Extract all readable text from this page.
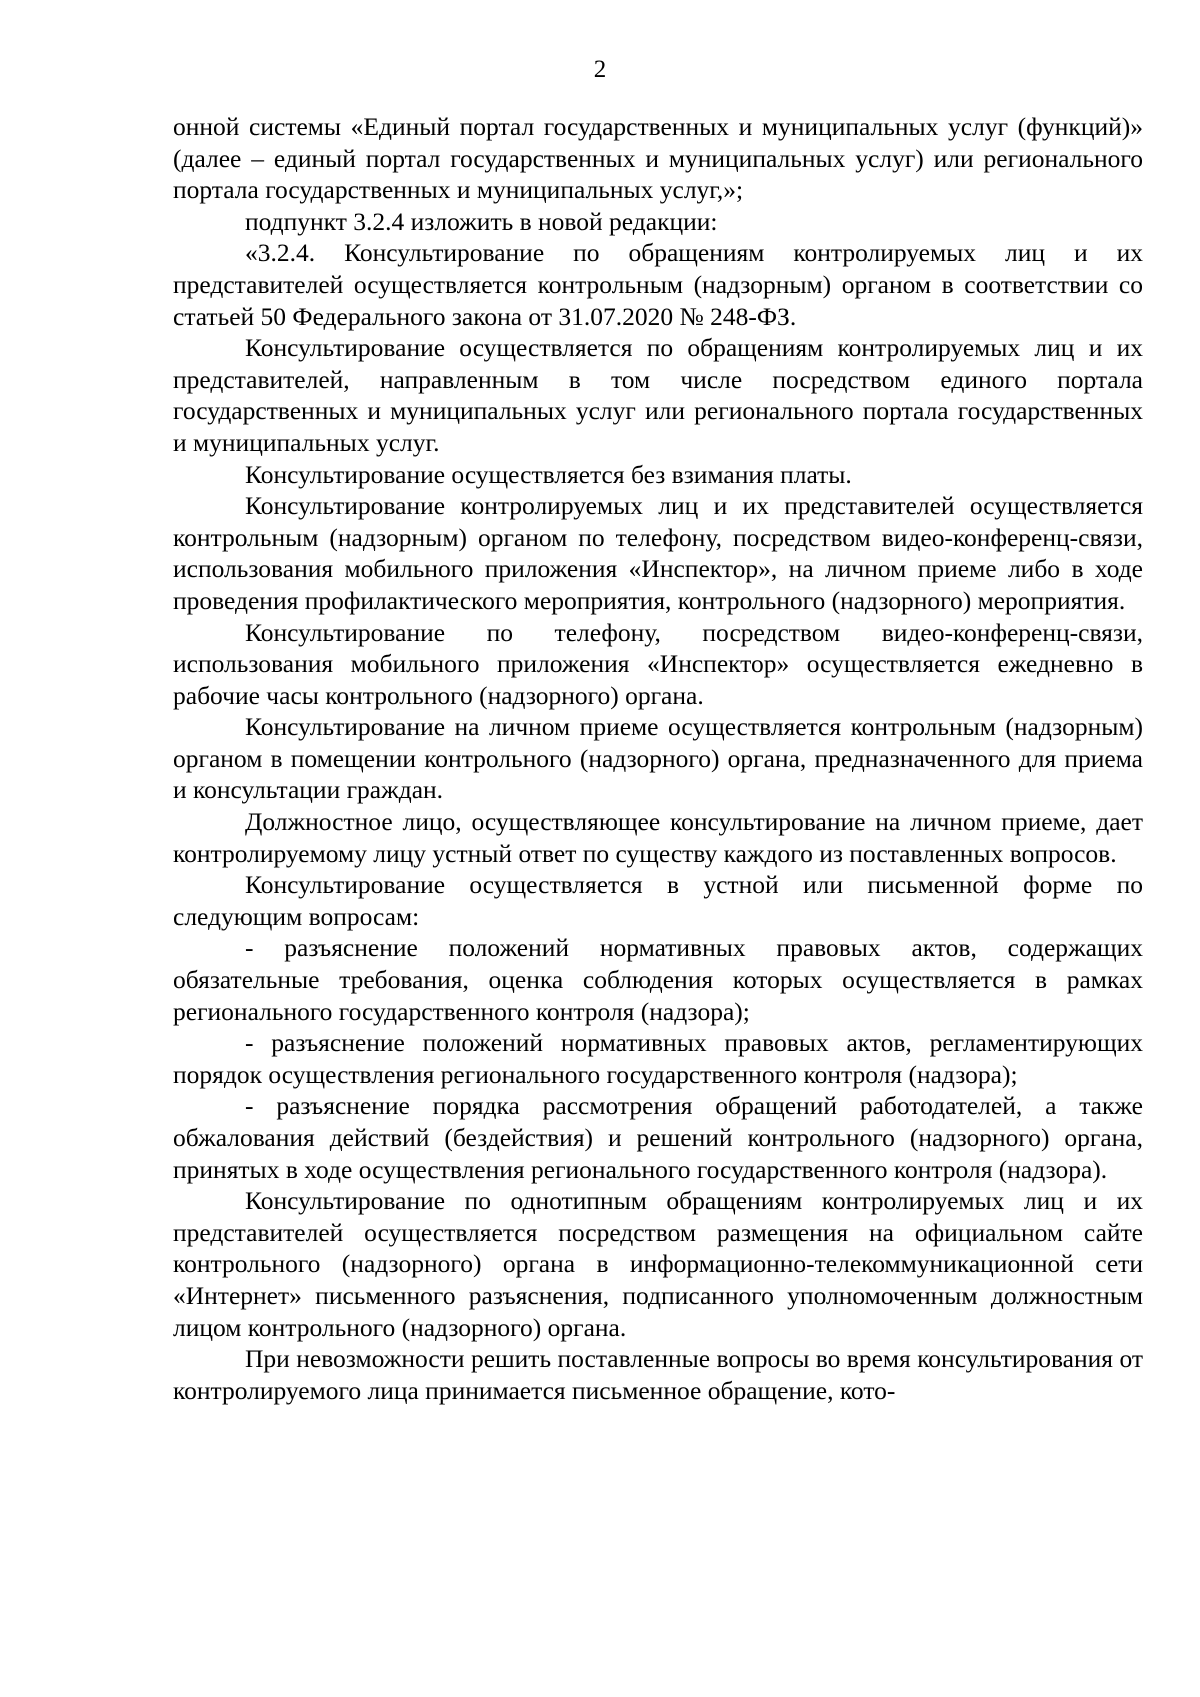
2

онной системы «Единый портал государственных и муниципальных услуг (функций)» (далее – единый портал государственных и муниципальных услуг) или регионального портала государственных и муниципальных услуг,»;

подпункт 3.2.4 изложить в новой редакции:

«3.2.4. Консультирование по обращениям контролируемых лиц и их представителей осуществляется контрольным (надзорным) органом в соответствии со статьей 50 Федерального закона от 31.07.2020 № 248-ФЗ.

Консультирование осуществляется по обращениям контролируемых лиц и их представителей, направленным в том числе посредством единого портала государственных и муниципальных услуг или регионального портала государственных и муниципальных услуг.

Консультирование осуществляется без взимания платы.

Консультирование контролируемых лиц и их представителей осуществляется контрольным (надзорным) органом по телефону, посредством видео-конференц-связи, использования мобильного приложения «Инспектор», на личном приеме либо в ходе проведения профилактического мероприятия, контрольного (надзорного) мероприятия.

Консультирование по телефону, посредством видео-конференц-связи, использования мобильного приложения «Инспектор» осуществляется ежедневно в рабочие часы контрольного (надзорного) органа.

Консультирование на личном приеме осуществляется контрольным (надзорным) органом в помещении контрольного (надзорного) органа, предназначенного для приема и консультации граждан.

Должностное лицо, осуществляющее консультирование на личном приеме, дает контролируемому лицу устный ответ по существу каждого из поставленных вопросов.

Консультирование осуществляется в устной или письменной форме по следующим вопросам:

- разъяснение положений нормативных правовых актов, содержащих обязательные требования, оценка соблюдения которых осуществляется в рамках регионального государственного контроля (надзора);

- разъяснение положений нормативных правовых актов, регламентирующих порядок осуществления регионального государственного контроля (надзора);

- разъяснение порядка рассмотрения обращений работодателей, а также обжалования действий (бездействия) и решений контрольного (надзорного) органа, принятых в ходе осуществления регионального государственного контроля (надзора).

Консультирование по однотипным обращениям контролируемых лиц и их представителей осуществляется посредством размещения на официальном сайте контрольного (надзорного) органа в информационно-телекоммуникационной сети «Интернет» письменного разъяснения, подписанного уполномоченным должностным лицом контрольного (надзорного) органа.

При невозможности решить поставленные вопросы во время консультирования от контролируемого лица принимается письменное обращение, кото-
